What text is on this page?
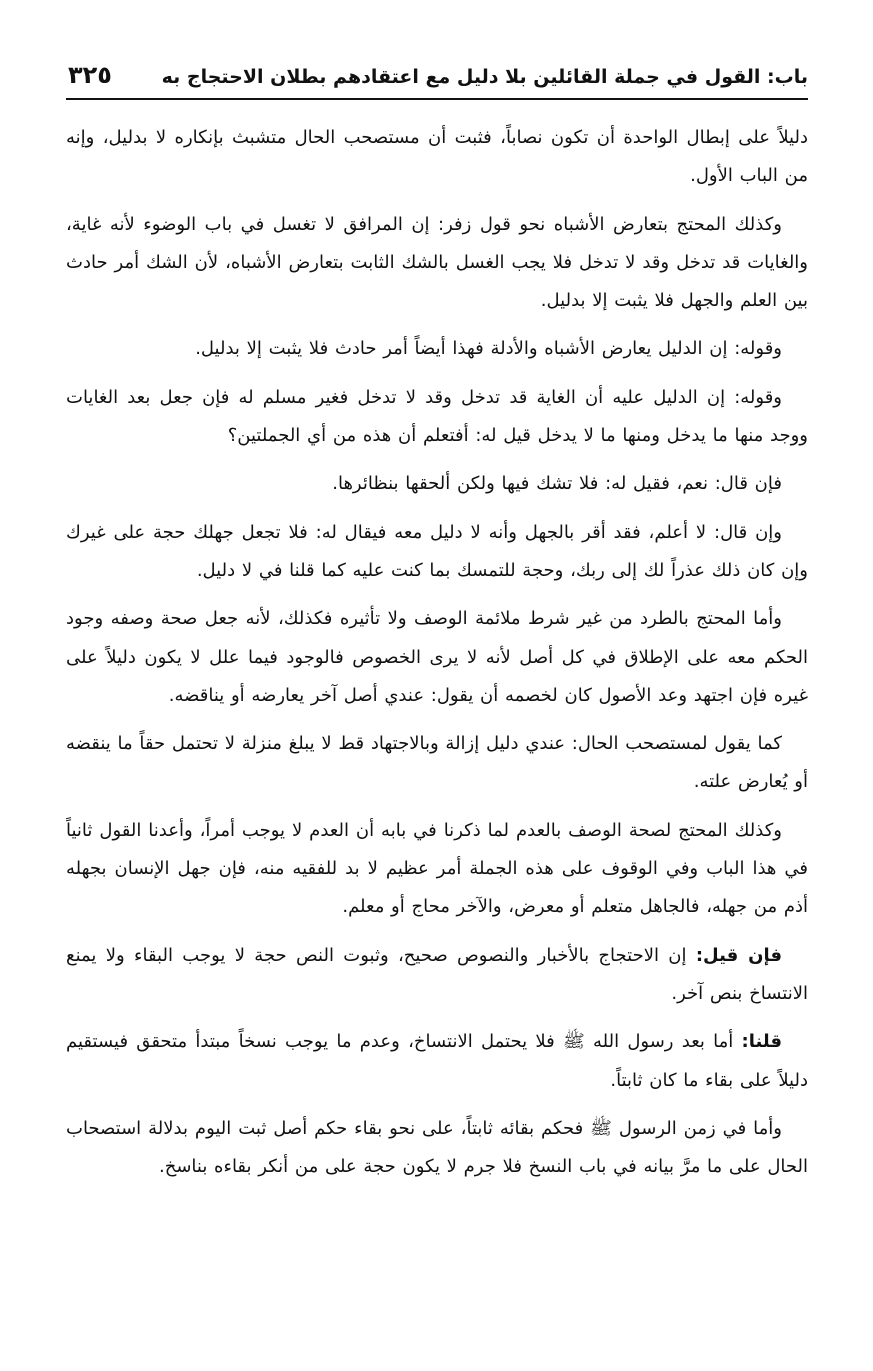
باب: القول في جملة القائلين بلا دليل مع اعتقادهم بطلان الاحتجاج به
٣٢٥

دليلاً على إبطال الواحدة أن تكون نصاباً، فثبت أن مستصحب الحال متشبث بإنكاره لا بدليل، وإنه من الباب الأول.

وكذلك المحتج بتعارض الأشباه نحو قول زفر: إن المرافق لا تغسل في باب الوضوء لأنه غاية، والغايات قد تدخل وقد لا تدخل فلا يجب الغسل بالشك الثابت بتعارض الأشباه، لأن الشك أمر حادث بين العلم والجهل فلا يثبت إلا بدليل.

وقوله: إن الدليل يعارض الأشباه والأدلة فهذا أيضاً أمر حادث فلا يثبت إلا بدليل.

وقوله: إن الدليل عليه أن الغاية قد تدخل وقد لا تدخل فغير مسلم له فإن جعل بعد الغايات ووجد منها ما يدخل ومنها ما لا يدخل قيل له: أفتعلم أن هذه من أي الجملتين؟

فإن قال: نعم، فقيل له: فلا تشك فيها ولكن ألحقها بنظائرها.

وإن قال: لا أعلم، فقد أقر بالجهل وأنه لا دليل معه فيقال له: فلا تجعل جهلك حجة على غيرك وإن كان ذلك عذراً لك إلى ربك، وحجة للتمسك بما كنت عليه كما قلنا في لا دليل.

وأما المحتج بالطرد من غير شرط ملائمة الوصف ولا تأثيره فكذلك، لأنه جعل صحة وصفه وجود الحكم معه على الإطلاق في كل أصل لأنه لا يرى الخصوص فالوجود فيما علل لا يكون دليلاً على غيره فإن اجتهد وعد الأصول كان لخصمه أن يقول: عندي أصل آخر يعارضه أو يناقضه.

كما يقول لمستصحب الحال: عندي دليل إزالة وبالاجتهاد قط لا يبلغ منزلة لا تحتمل حقاً ما ينقضه أو يُعارض علته.

وكذلك المحتج لصحة الوصف بالعدم لما ذكرنا في بابه أن العدم لا يوجب أمراً، وأعدنا القول ثانياً في هذا الباب وفي الوقوف على هذه الجملة أمر عظيم لا بد للفقيه منه، فإن جهل الإنسان بجهله أذم من جهله، فالجاهل متعلم أو معرض، والآخر محاج أو معلم.

فإن قيل: إن الاحتجاج بالأخبار والنصوص صحيح، وثبوت النص حجة لا يوجب البقاء ولا يمنع الانتساخ بنص آخر.

قلنا: أما بعد رسول الله ﷺ فلا يحتمل الانتساخ، وعدم ما يوجب نسخاً مبتدأ متحقق فيستقيم دليلاً على بقاء ما كان ثابتاً.

وأما في زمن الرسول ﷺ فحكم بقائه ثابتاً، على نحو بقاء حكم أصل ثبت اليوم بدلالة استصحاب الحال على ما مرَّ بيانه في باب النسخ فلا جرم لا يكون حجة على من أنكر بقاءه بناسخ.
